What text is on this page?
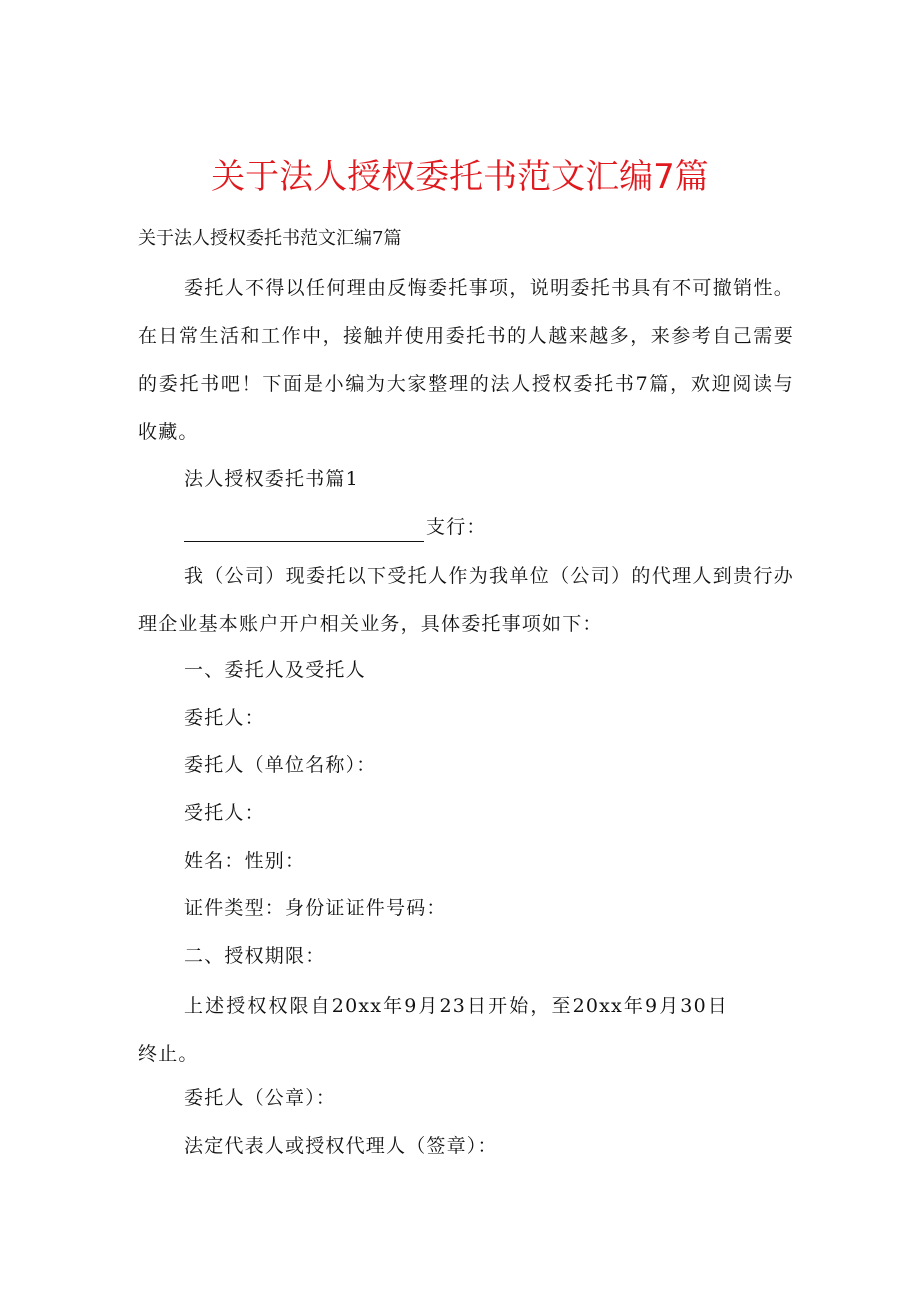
关于法人授权委托书范文汇编7篇
关于法人授权委托书范文汇编7篇

委托人不得以任何理由反悔委托事项，说明委托书具有不可撤销性。在日常生活和工作中，接触并使用委托书的人越来越多，来参考自己需要的委托书吧！下面是小编为大家整理的法人授权委托书7篇，欢迎阅读与收藏。

法人授权委托书篇1
支行：

我（公司）现委托以下受托人作为我单位（公司）的代理人到贵行办理企业基本账户开户相关业务，具体委托事项如下：

一、委托人及受托人
委托人：
委托人（单位名称）：
受托人：
姓名：性别：
证件类型：身份证证件号码：
二、授权期限：

上述授权权限自20xx年9月23日开始，至20xx年9月30日终止。

委托人（公章）：
法定代表人或授权代理人（签章）：
